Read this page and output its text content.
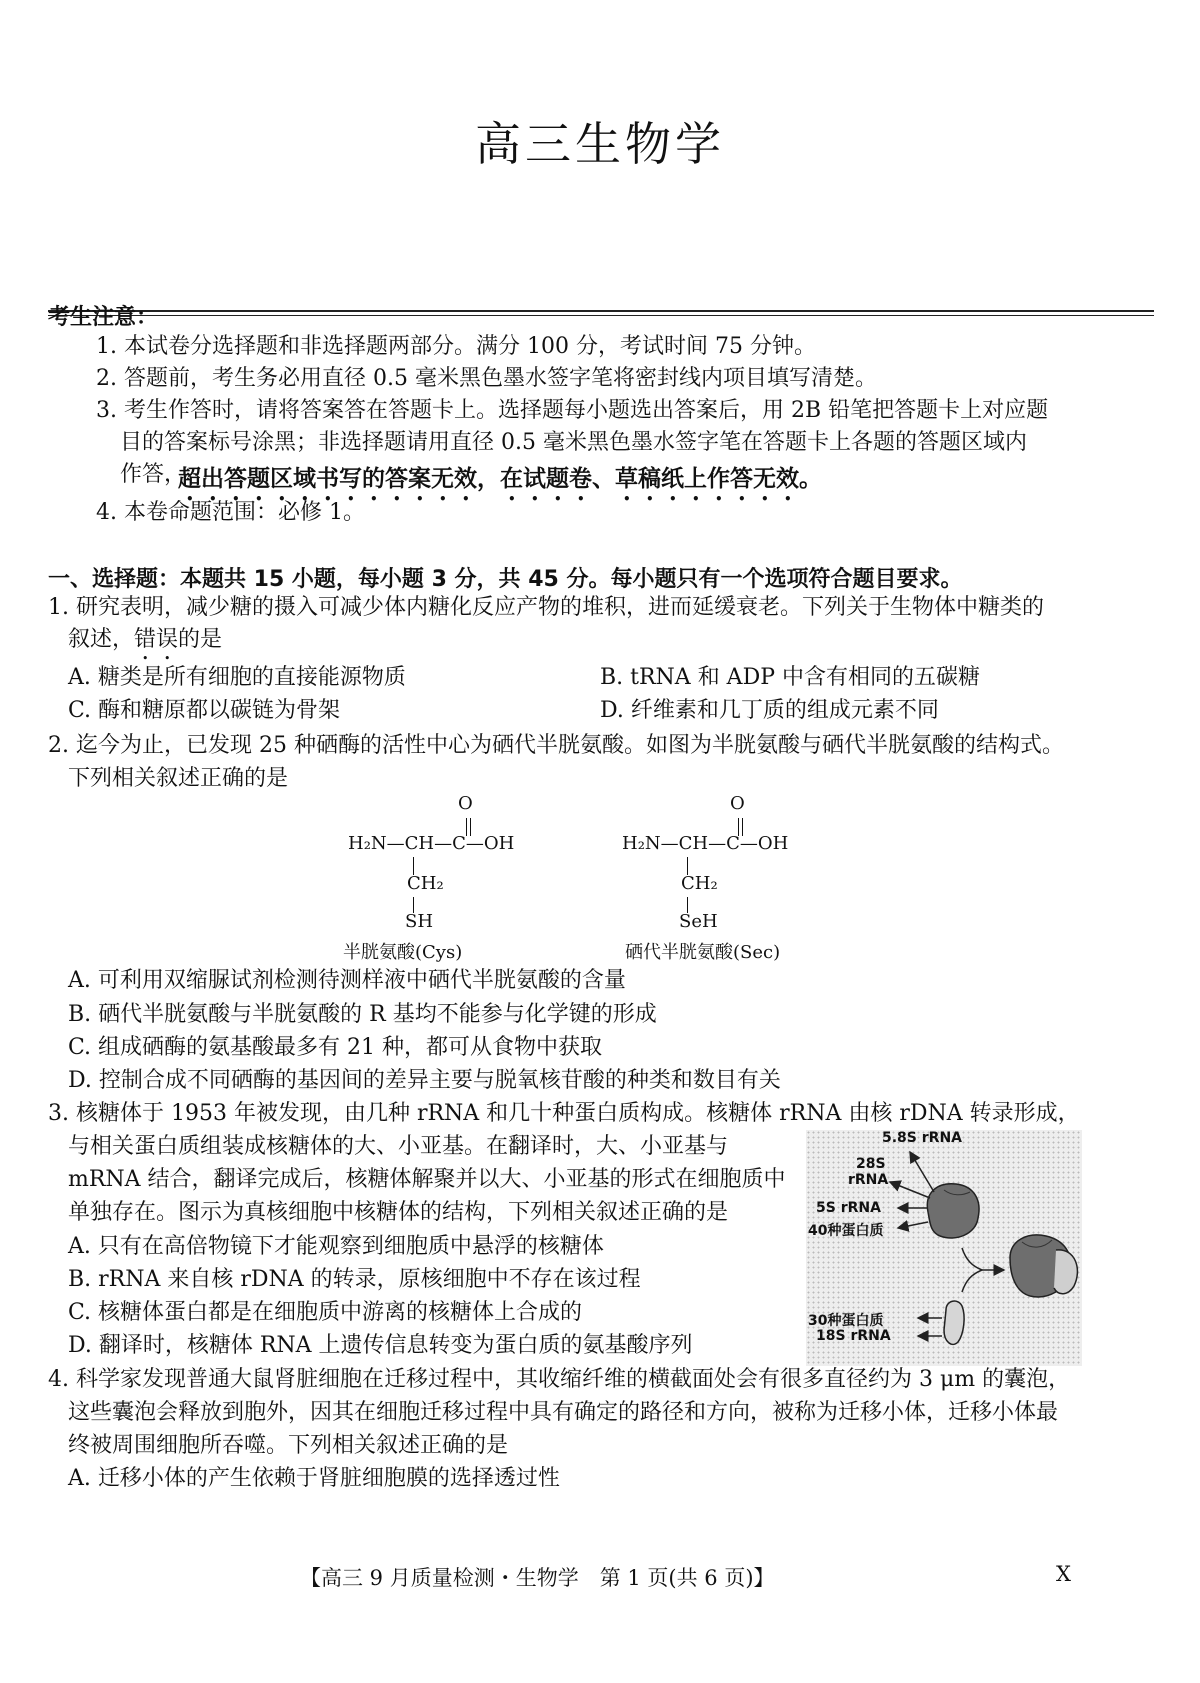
高三生物学
考生注意：
1. 本试卷分选择题和非选择题两部分。满分 100 分，考试时间 75 分钟。
2. 答题前，考生务必用直径 0.5 毫米黑色墨水签字笔将密封线内项目填写清楚。
3. 考生作答时，请将答案答在答题卡上。选择题每小题选出答案后，用 2B 铅笔把答题卡上对应题
目的答案标号涂黑；非选择题请用直径 0.5 毫米黑色墨水签字笔在答题卡上各题的答题区域内
作答，
超出答题区域书写的答案无效，在试题卷、草稿纸上作答无效。
4. 本卷命题范围：必修 1。
一、选择题：本题共 15 小题，每小题 3 分，共 45 分。每小题只有一个选项符合题目要求。
1. 研究表明，减少糖的摄入可减少体内糖化反应产物的堆积，进而延缓衰老。下列关于生物体中糖类的
叙述，错误的是
A. 糖类是所有细胞的直接能源物质	B. tRNA 和 ADP 中含有相同的五碳糖
C. 酶和糖原都以碳链为骨架	D. 纤维素和几丁质的组成元素不同
2. 迄今为止，已发现 25 种硒酶的活性中心为硒代半胱氨酸。如图为半胱氨酸与硒代半胱氨酸的结构式。
下列相关叙述正确的是
O
H₂N—CH—C—OH
CH₂
SH
半胱氨酸(Cys)
O
H₂N—CH—C—OH
CH₂
SeH
硒代半胱氨酸(Sec)
A. 可利用双缩脲试剂检测待测样液中硒代半胱氨酸的含量
B. 硒代半胱氨酸与半胱氨酸的 R 基均不能参与化学键的形成
C. 组成硒酶的氨基酸最多有 21 种，都可从食物中获取
D. 控制合成不同硒酶的基因间的差异主要与脱氧核苷酸的种类和数目有关
3. 核糖体于 1953 年被发现，由几种 rRNA 和几十种蛋白质构成。核糖体 rRNA 由核 rDNA 转录形成，
与相关蛋白质组装成核糖体的大、小亚基。在翻译时，大、小亚基与
mRNA 结合，翻译完成后，核糖体解聚并以大、小亚基的形式在细胞质中
单独存在。图示为真核细胞中核糖体的结构，下列相关叙述正确的是
A. 只有在高倍物镜下才能观察到细胞质中悬浮的核糖体
B. rRNA 来自核 rDNA 的转录，原核细胞中不存在该过程
C. 核糖体蛋白都是在细胞质中游离的核糖体上合成的
D. 翻译时，核糖体 RNA 上遗传信息转变为蛋白质的氨基酸序列
5.8S rRNA
28S
rRNA
5S rRNA
40种蛋白质
30种蛋白质
18S rRNA
4. 科学家发现普通大鼠肾脏细胞在迁移过程中，其收缩纤维的横截面处会有很多直径约为 3 μm 的囊泡，
这些囊泡会释放到胞外，因其在细胞迁移过程中具有确定的路径和方向，被称为迁移小体，迁移小体最
终被周围细胞所吞噬。下列相关叙述正确的是
A. 迁移小体的产生依赖于肾脏细胞膜的选择透过性
【高三 9 月质量检测・生物学　第 1 页(共 6 页)】	X
